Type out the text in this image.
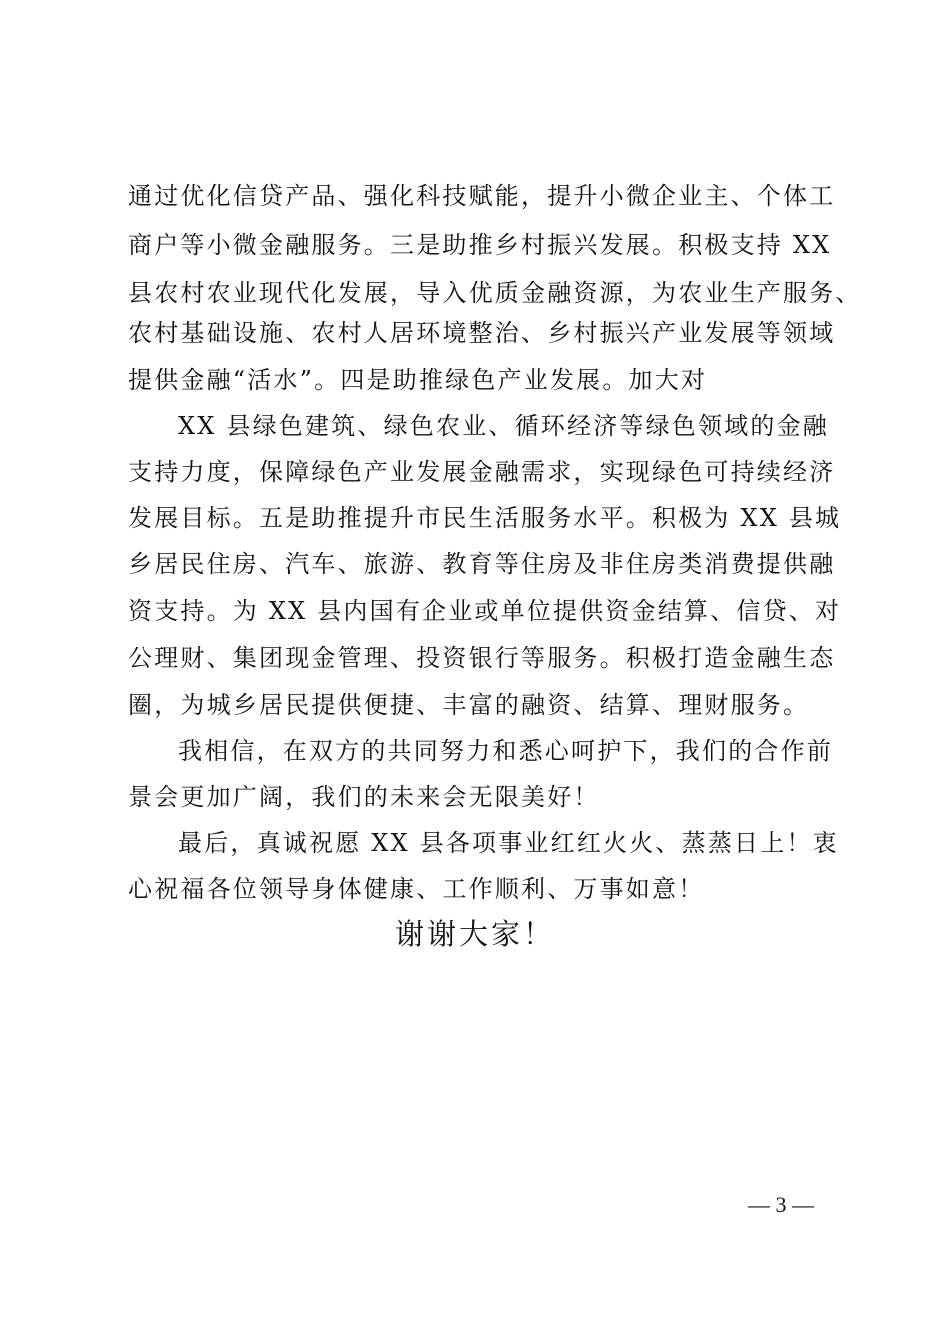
通过优化信贷产品、强化科技赋能，提升小微企业主、个体工
商户等小微金融服务。三是助推乡村振兴发展。积极支持 XX
县农村农业现代化发展，导入优质金融资源，为农业生产服务、
农村基础设施、农村人居环境整治、乡村振兴产业发展等领域
提供金融“活水”。四是助推绿色产业发展。加大对
XX 县绿色建筑、绿色农业、循环经济等绿色领域的金融
支持力度，保障绿色产业发展金融需求，实现绿色可持续经济
发展目标。五是助推提升市民生活服务水平。积极为 XX 县城
乡居民住房、汽车、旅游、教育等住房及非住房类消费提供融
资支持。为 XX 县内国有企业或单位提供资金结算、信贷、对
公理财、集团现金管理、投资银行等服务。积极打造金融生态
圈，为城乡居民提供便捷、丰富的融资、结算、理财服务。
我相信，在双方的共同努力和悉心呵护下，我们的合作前
景会更加广阔，我们的未来会无限美好！
最后，真诚祝愿 XX 县各项事业红红火火、蒸蒸日上！衷
心祝福各位领导身体健康、工作顺利、万事如意！
谢谢大家！
— 3 —
